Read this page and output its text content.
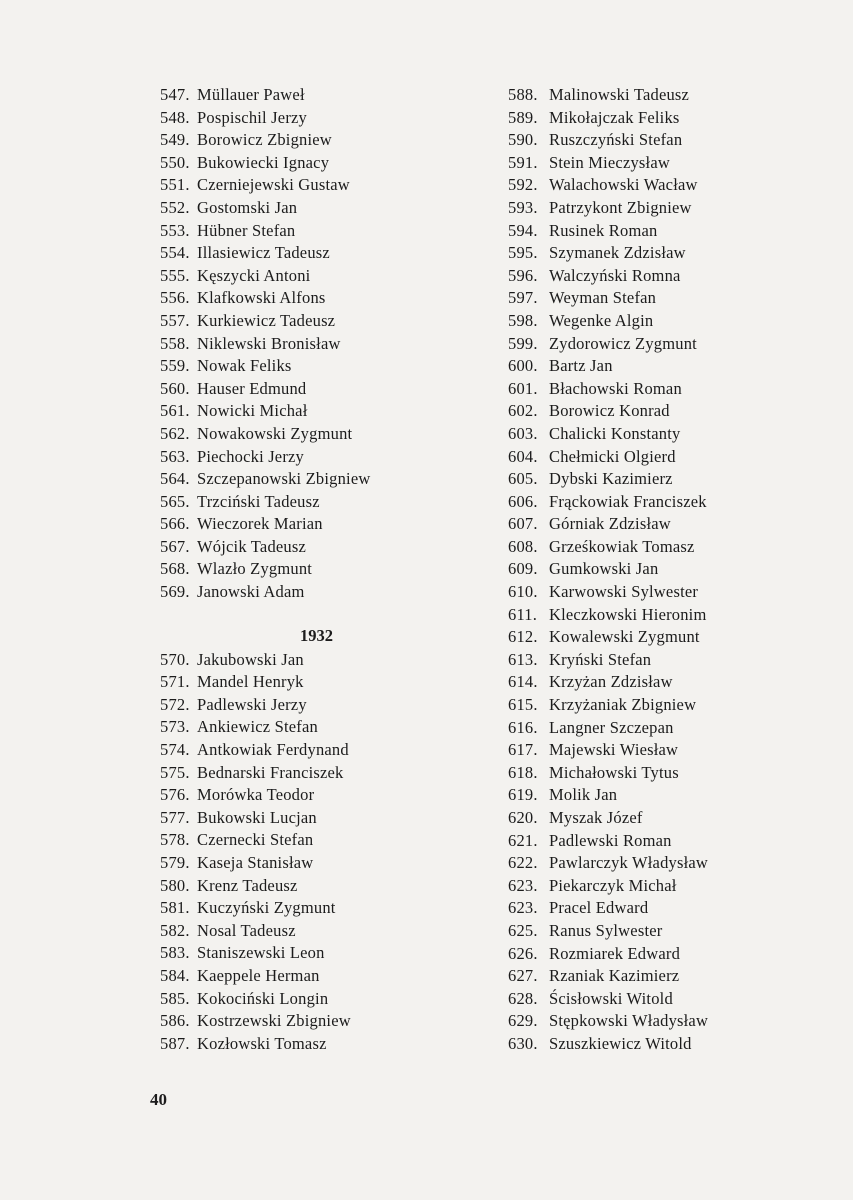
547. Müllauer Paweł
548. Pospischil Jerzy
549. Borowicz Zbigniew
550. Bukowiecki Ignacy
551. Czerniejewski Gustaw
552. Gostomski Jan
553. Hübner Stefan
554. Illasiewicz Tadeusz
555. Kęszycki Antoni
556. Klafkowski Alfons
557. Kurkiewicz Tadeusz
558. Niklewski Bronisław
559. Nowak Feliks
560. Hauser Edmund
561. Nowicki Michał
562. Nowakowski Zygmunt
563. Piechocki Jerzy
564. Szczepanowski Zbigniew
565. Trzciński Tadeusz
566. Wieczorek Marian
567. Wójcik Tadeusz
568. Wlazło Zygmunt
569. Janowski Adam
1932
570. Jakubowski Jan
571. Mandel Henryk
572. Padlewski Jerzy
573. Ankiewicz Stefan
574. Antkowiak Ferdynand
575. Bednarski Franciszek
576. Morówka Teodor
577. Bukowski Lucjan
578. Czernecki Stefan
579. Kaseja Stanisław
580. Krenz Tadeusz
581. Kuczyński Zygmunt
582. Nosal Tadeusz
583. Staniszewski Leon
584. Kaeppele Herman
585. Kokociński Longin
586. Kostrzewski Zbigniew
587. Kozłowski Tomasz
588. Malinowski Tadeusz
589. Mikołajczak Feliks
590. Ruszczyński Stefan
591. Stein Mieczysław
592. Walachowski Wacław
593. Patrzykont Zbigniew
594. Rusinek Roman
595. Szymanek Zdzisław
596. Walczyński Romna
597. Weyman Stefan
598. Wegenke Algin
599. Zydorowicz Zygmunt
600. Bartz Jan
601. Błachowski Roman
602. Borowicz Konrad
603. Chalicki Konstanty
604. Chełmicki Olgierd
605. Dybski Kazimierz
606. Frąckowiak Franciszek
607. Górniak Zdzisław
608. Grześkowiak Tomasz
609. Gumkowski Jan
610. Karwowski Sylwester
611. Kleczkowski Hieronim
612. Kowalewski Zygmunt
613. Kryński Stefan
614. Krzyżan Zdzisław
615. Krzyżaniak Zbigniew
616. Langner Szczepan
617. Majewski Wiesław
618. Michałowski Tytus
619. Molik Jan
620. Myszak Józef
621. Padlewski Roman
622. Pawlarczyk Władysław
623. Piekarczyk Michał
623. Pracel Edward
625. Ranus Sylwester
626. Rozmiarek Edward
627. Rzaniak Kazimierz
628. Ścisłowski Witold
629. Stępkowski Władysław
630. Szuszkiewicz Witold
40
